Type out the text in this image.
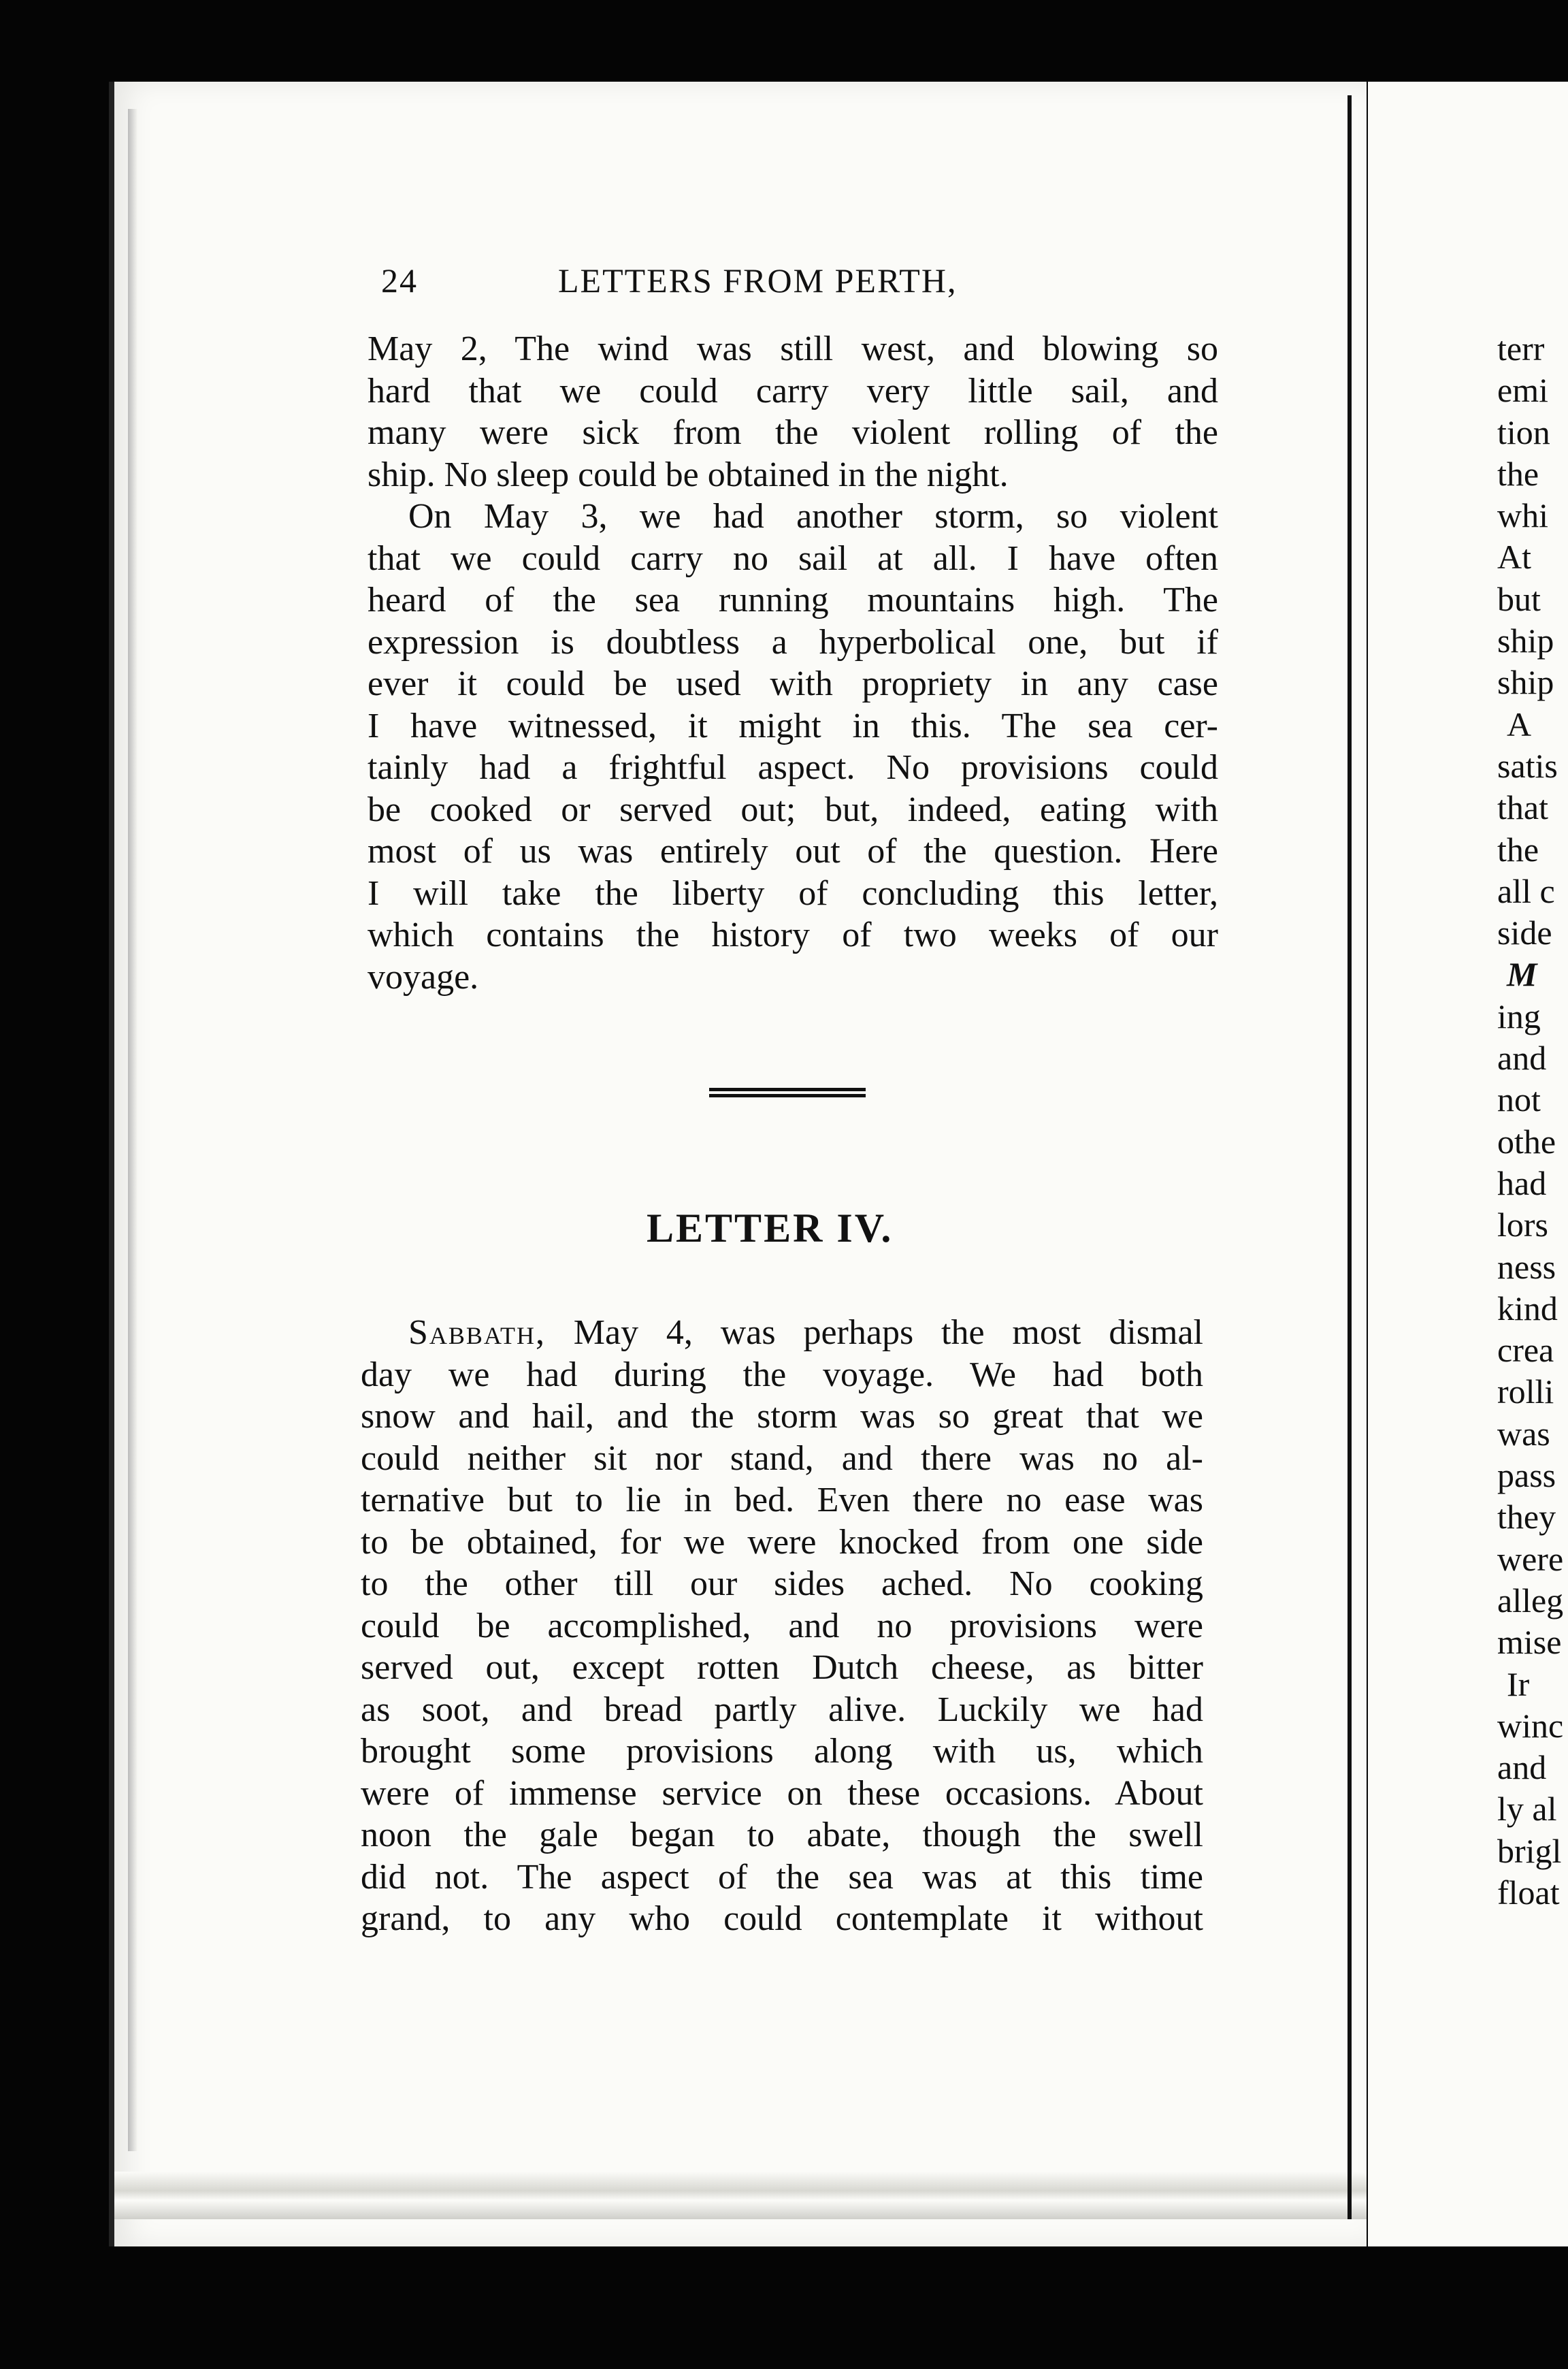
24	LETTERS FROM PERTH,
May 2, The wind was still west, and blowing so
hard that we could carry very little sail, and
many were sick from the violent rolling of the
ship. No sleep could be obtained in the night.
On May 3, we had another storm, so violent
that we could carry no sail at all. I have often
heard of the sea running mountains high. The
expression is doubtless a hyperbolical one, but if
ever it could be used with propriety in any case
I have witnessed, it might in this. The sea cer-
tainly had a frightful aspect. No provisions could
be cooked or served out; but, indeed, eating with
most of us was entirely out of the question. Here
I will take the liberty of concluding this letter,
which contains the history of two weeks of our
voyage.
LETTER IV.
Sabbath, May 4, was perhaps the most dismal
day we had during the voyage. We had both
snow and hail, and the storm was so great that we
could neither sit nor stand, and there was no al-
ternative but to lie in bed. Even there no ease was
to be obtained, for we were knocked from one side
to the other till our sides ached. No cooking
could be accomplished, and no provisions were
served out, except rotten Dutch cheese, as bitter
as soot, and bread partly alive. Luckily we had
brought some provisions along with us, which
were of immense service on these occasions. About
noon the gale began to abate, though the swell
did not. The aspect of the sea was at this time
grand, to any who could contemplate it without
terr
emi
tion
the
whi
At
but
ship
ship
A
satis
that
the
all c
side
M
ing
and
not
othe
had
lors
ness
kind
crea
rolli
was
pass
they
were
alleg
mise
Ir
winc
and
ly al
brigl
float
